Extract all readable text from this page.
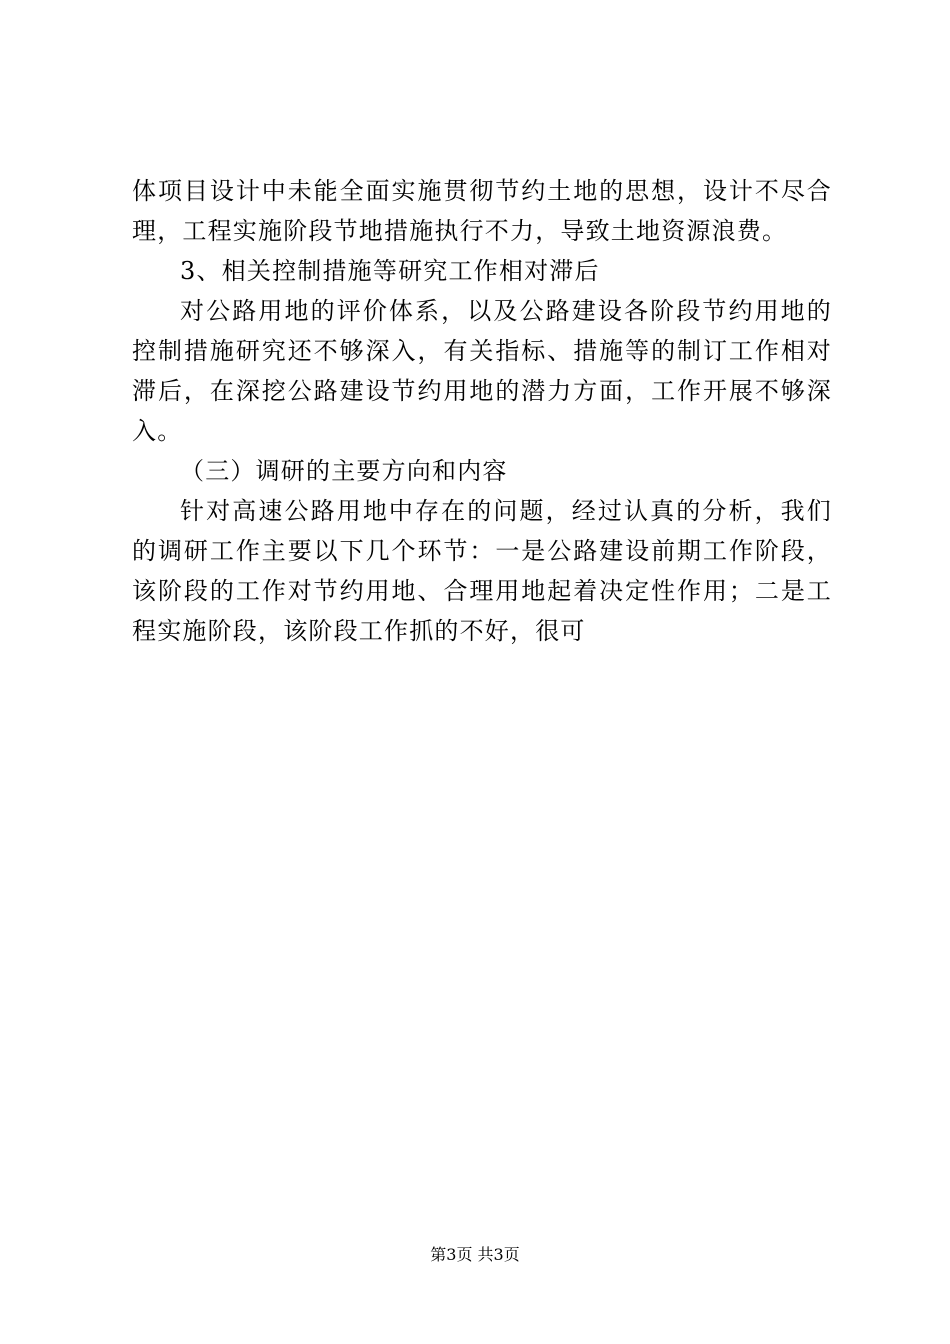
体项目设计中未能全面实施贯彻节约土地的思想，设计不尽合理，工程实施阶段节地措施执行不力，导致土地资源浪费。

3、相关控制措施等研究工作相对滞后

对公路用地的评价体系，以及公路建设各阶段节约用地的控制措施研究还不够深入，有关指标、措施等的制订工作相对滞后，在深挖公路建设节约用地的潜力方面，工作开展不够深入。

（三）调研的主要方向和内容

针对高速公路用地中存在的问题，经过认真的分析，我们的调研工作主要以下几个环节：一是公路建设前期工作阶段，该阶段的工作对节约用地、合理用地起着决定性作用；二是工程实施阶段，该阶段工作抓的不好，很可

第3页 共3页
